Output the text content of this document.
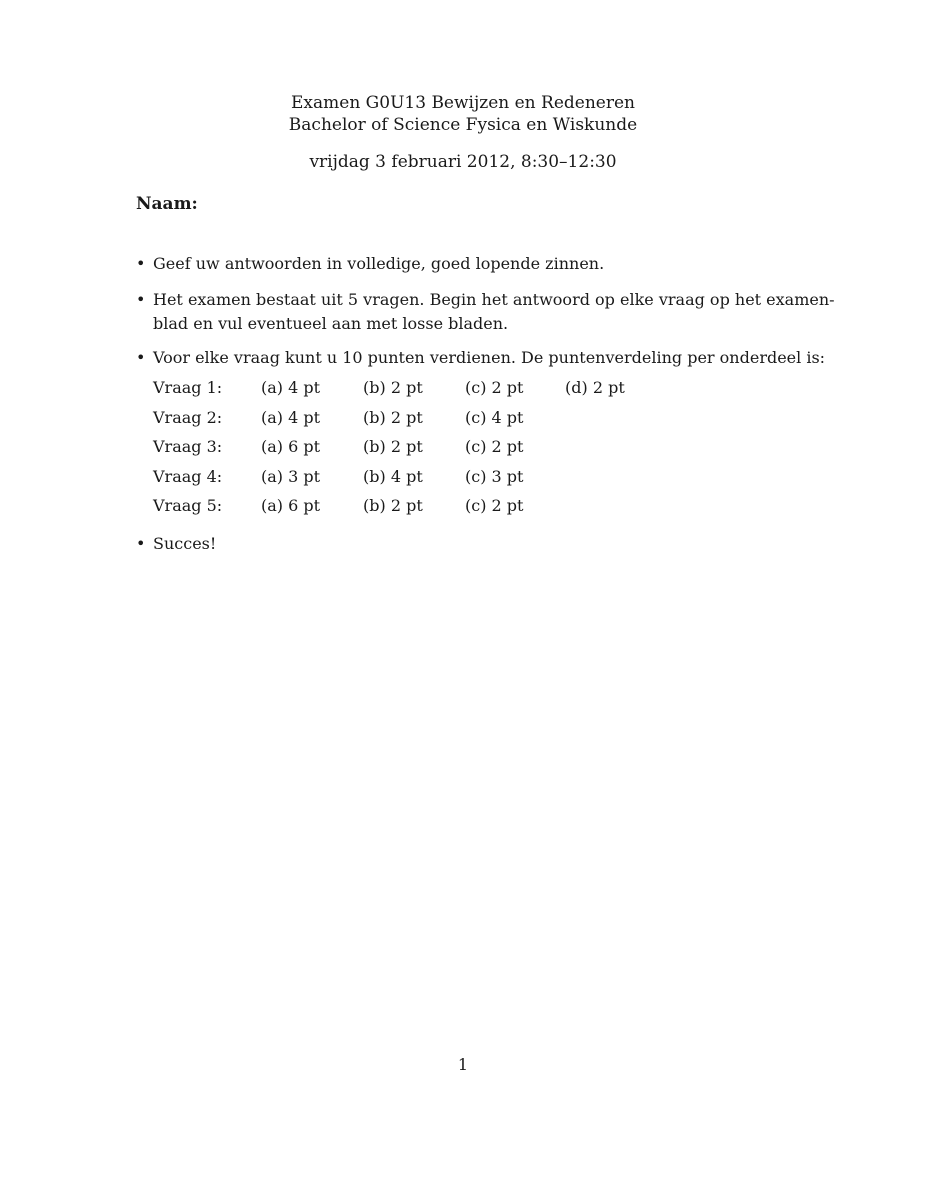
Examen G0U13 Bewijzen en Redeneren
Bachelor of Science Fysica en Wiskunde
vrijdag 3 februari 2012, 8:30–12:30
Naam:
• Geef uw antwoorden in volledige, goed lopende zinnen.
• Het examen bestaat uit 5 vragen. Begin het antwoord op elke vraag op het examen-
blad en vul eventueel aan met losse bladen.
• Voor elke vraag kunt u 10 punten verdienen. De puntenverdeling per onderdeel is:
Vraag 1:	(a) 4 pt	(b) 2 pt	(c) 2 pt	(d) 2 pt
Vraag 2:	(a) 4 pt	(b) 2 pt	(c) 4 pt	
Vraag 3:	(a) 6 pt	(b) 2 pt	(c) 2 pt	
Vraag 4:	(a) 3 pt	(b) 4 pt	(c) 3 pt	
Vraag 5:	(a) 6 pt	(b) 2 pt	(c) 2 pt	
• Succes!
1
